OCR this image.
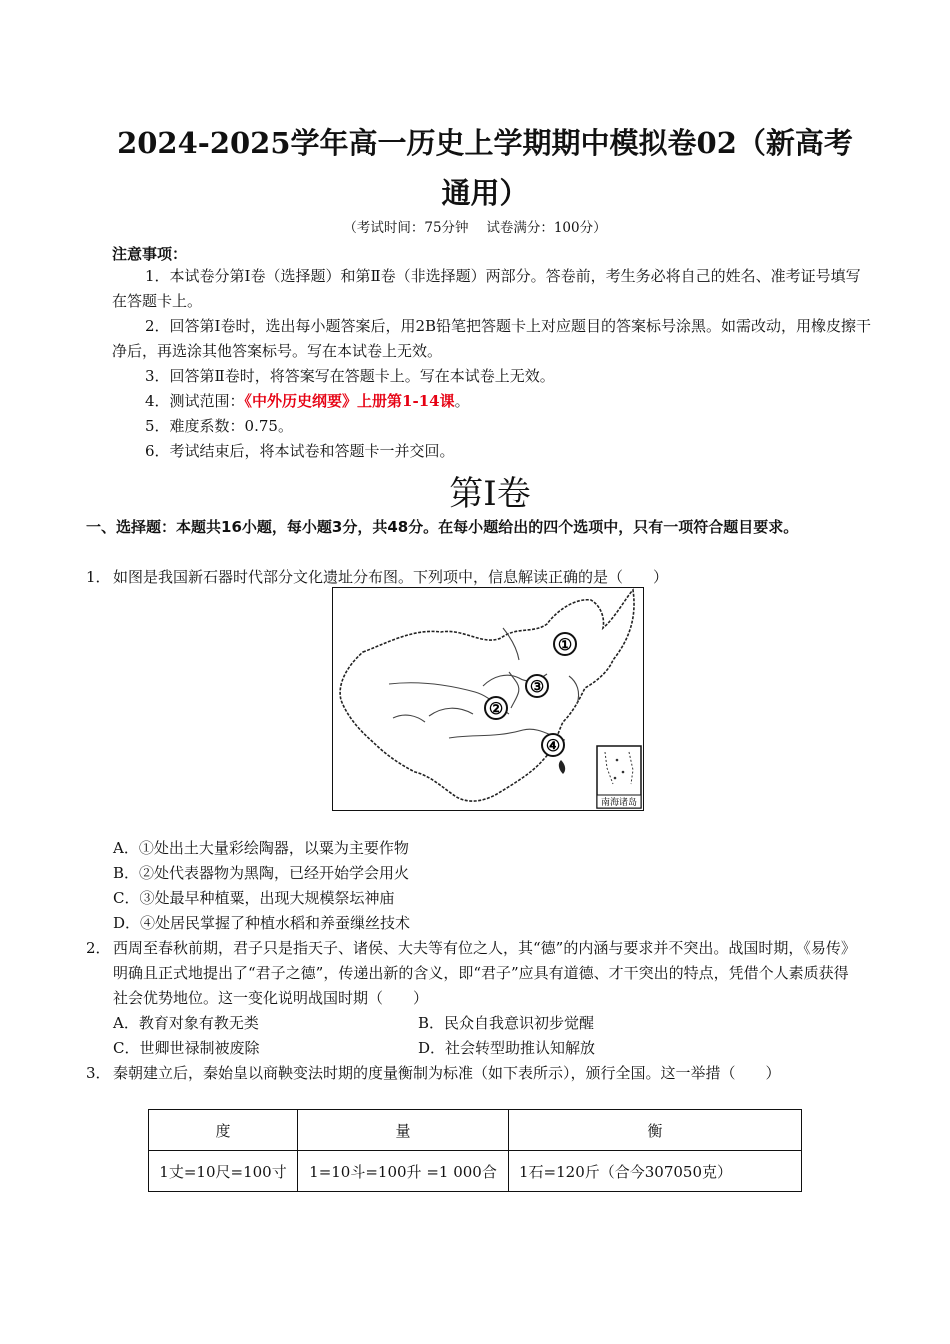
2024-2025学年高一历史上学期期中模拟卷02（新高考通用）
（考试时间：75分钟　 试卷满分：100分）
注意事项：

1．本试卷分第Ⅰ卷（选择题）和第Ⅱ卷（非选择题）两部分。答卷前，考生务必将自己的姓名、准考证号填写在答题卡上。

2．回答第Ⅰ卷时，选出每小题答案后，用2B铅笔把答题卡上对应题目的答案标号涂黑。如需改动，用橡皮擦干净后，再选涂其他答案标号。写在本试卷上无效。

3．回答第Ⅱ卷时，将答案写在答题卡上。写在本试卷上无效。

4．测试范围：《中外历史纲要》上册第1-14课。

5．难度系数：0.75。

6．考试结束后，将本试卷和答题卡一并交回。

第Ⅰ卷
一、选择题：本题共16小题，每小题3分，共48分。在每小题给出的四个选项中，只有一项符合题目要求。
1． 如图是我国新石器时代部分文化遗址分布图。下列项中，信息解读正确的是（　　）
①
②
③
④
南海诸岛
A．①处出土大量彩绘陶器，以粟为主要作物
B．②处代表器物为黑陶，已经开始学会用火
C．③处最早种植粟，出现大规模祭坛神庙
D．④处居民掌握了种植水稻和养蚕缫丝技术
2． 西周至春秋前期，君子只是指天子、诸侯、大夫等有位之人，其“德”的内涵与要求并不突出。战国时期，《易传》明确且正式地提出了“君子之德”，传递出新的含义，即“君子”应具有道德、才干突出的特点，凭借个人素质获得社会优势地位。这一变化说明战国时期（　　）
A．教育对象有教无类	B．民众自我意识初步觉醒
C．世卿世禄制被废除	D．社会转型助推认知解放
3． 秦朝建立后，秦始皇以商鞅变法时期的度量衡制为标准（如下表所示），颁行全国。这一举措（　　）
度	量	衡
1丈=10尺=100寸	1=10斗=100升 =1 000合	1石=120斤（合今307050克）
